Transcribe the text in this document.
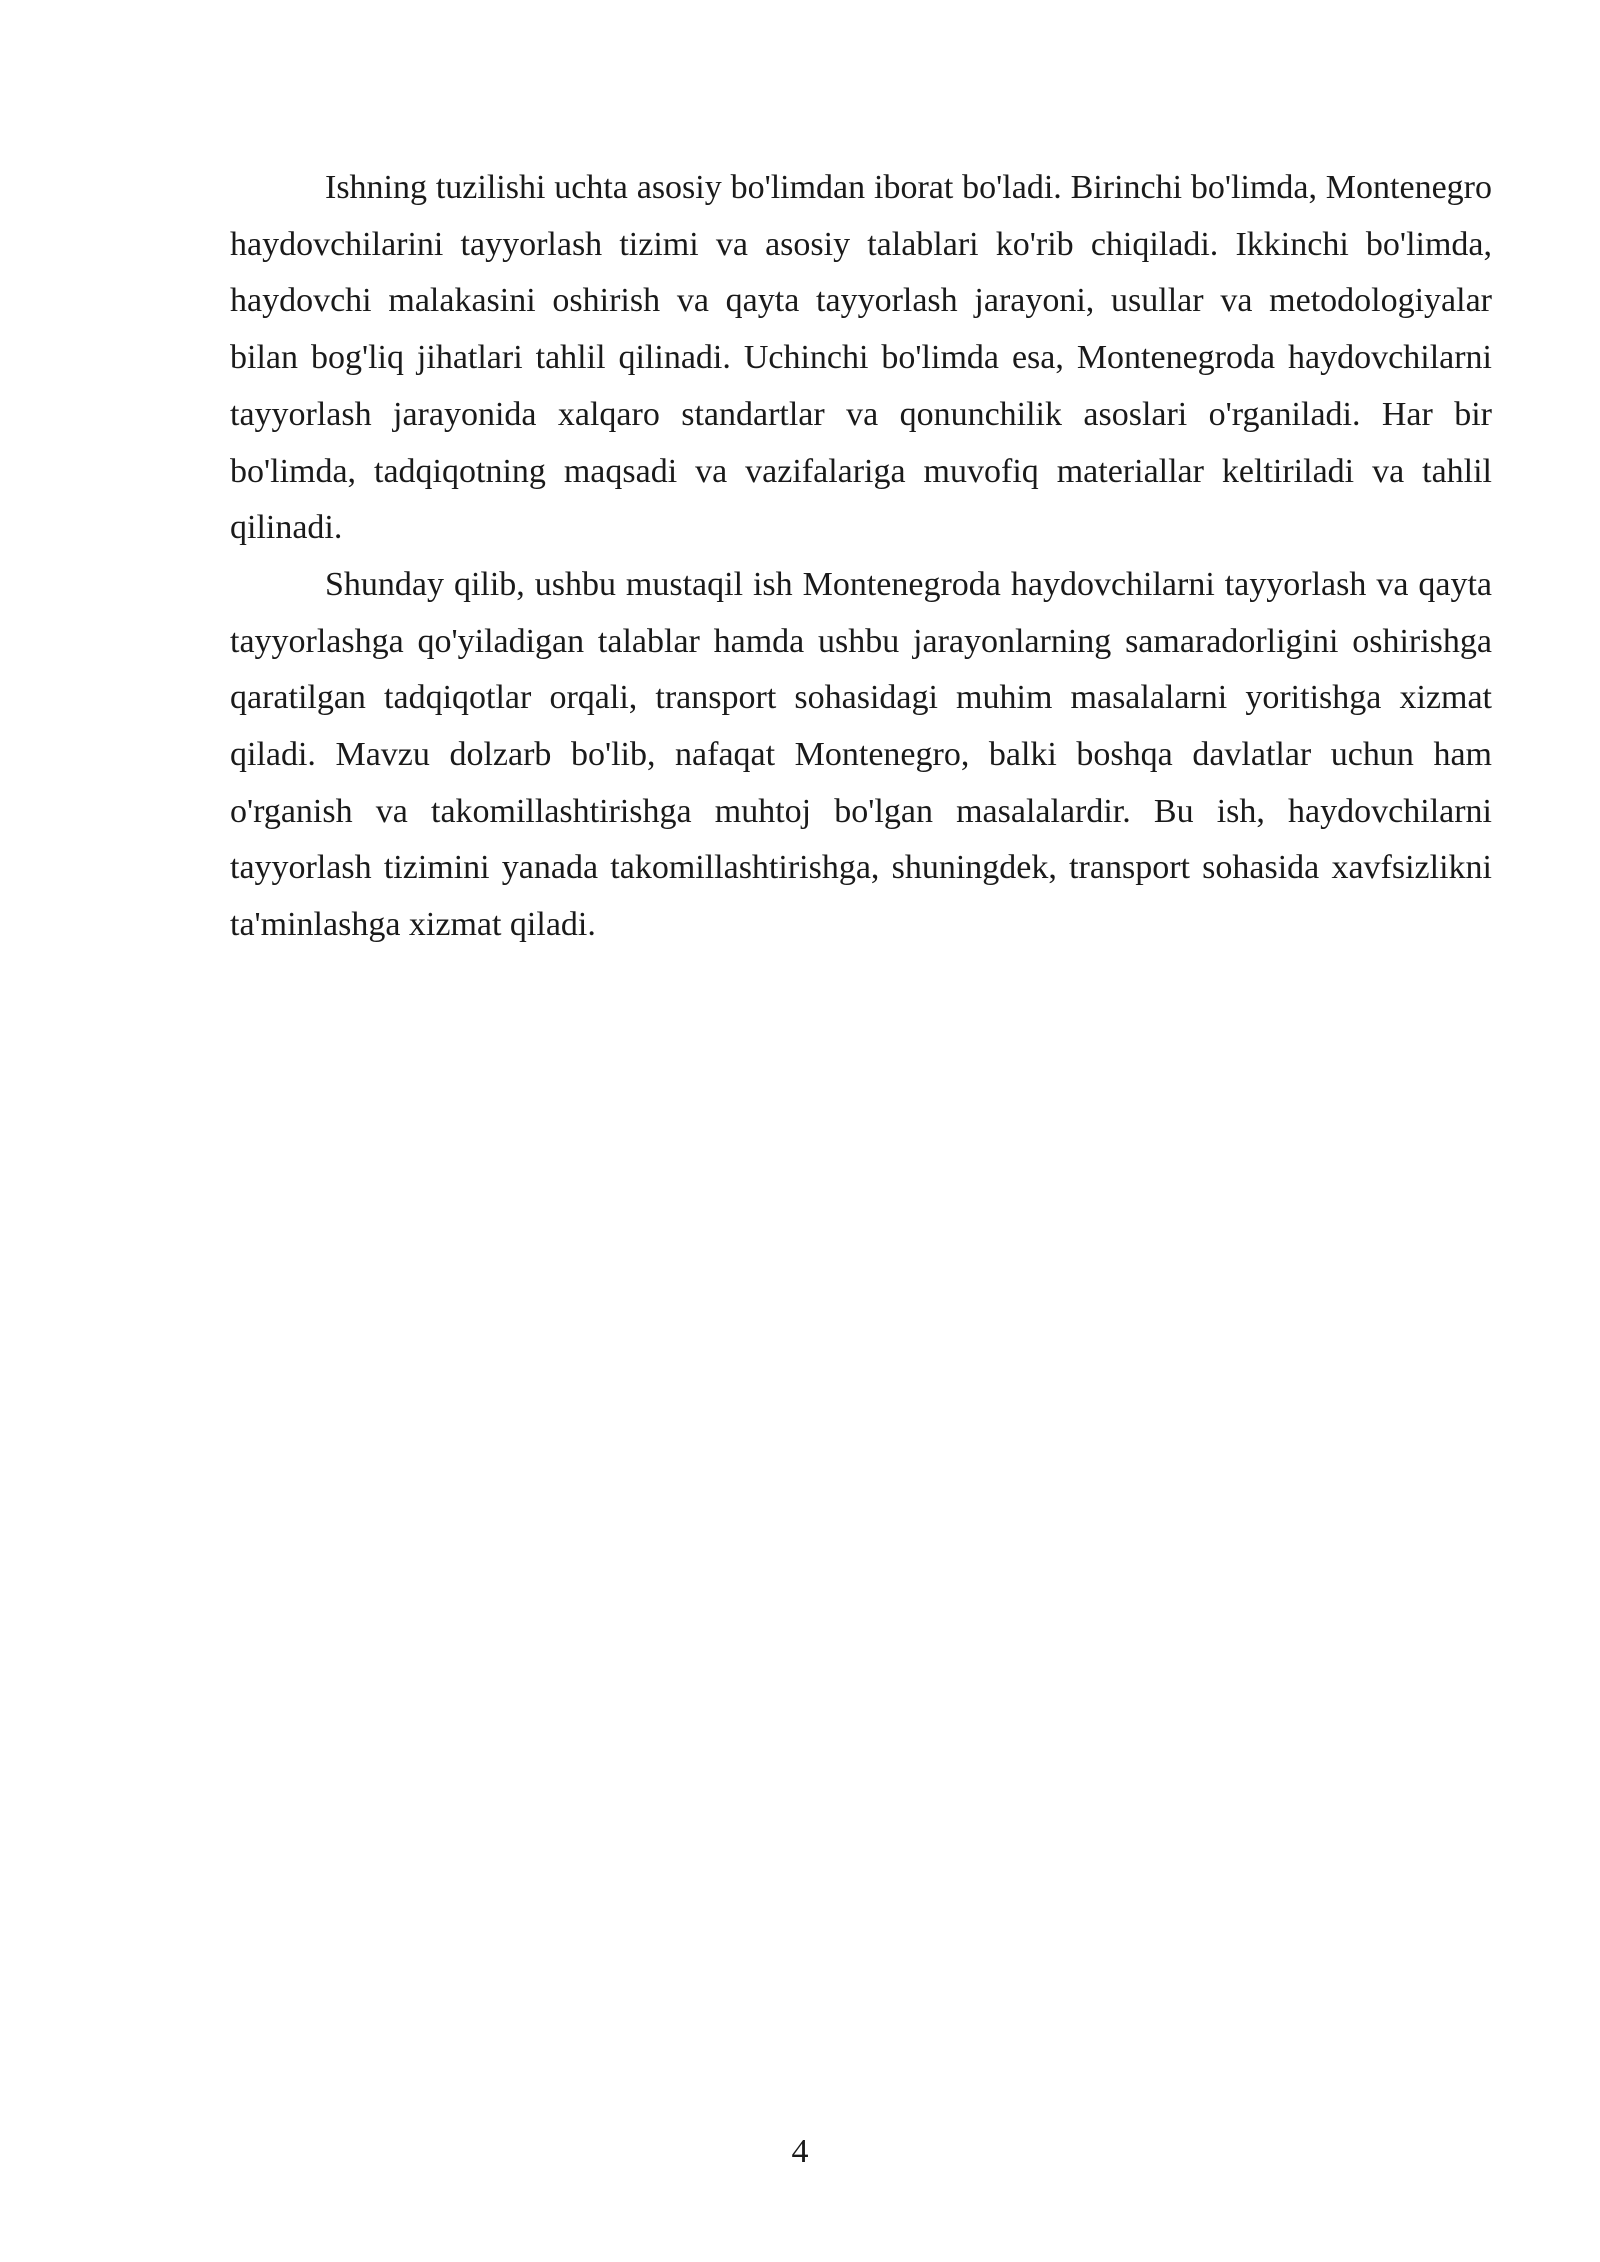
Ishning tuzilishi uchta asosiy bo'limdan iborat bo'ladi. Birinchi bo'limda, Montenegro haydovchilarini tayyorlash tizimi va asosiy talablari ko'rib chiqiladi. Ikkinchi bo'limda, haydovchi malakasini oshirish va qayta tayyorlash jarayoni, usullar va metodologiyalar bilan bog'liq jihatlari tahlil qilinadi. Uchinchi bo'limda esa, Montenegroda haydovchilarni tayyorlash jarayonida xalqaro standartlar va qonunchilik asoslari o'rganiladi. Har bir bo'limda, tadqiqotning maqsadi va vazifalariga muvofiq materiallar keltiriladi va tahlil qilinadi.

Shunday qilib, ushbu mustaqil ish Montenegroda haydovchilarni tayyorlash va qayta tayyorlashga qo'yiladigan talablar hamda ushbu jarayonlarning samaradorligini oshirishga qaratilgan tadqiqotlar orqali, transport sohasidagi muhim masalalarni yoritishga xizmat qiladi. Mavzu dolzarb bo'lib, nafaqat Montenegro, balki boshqa davlatlar uchun ham o'rganish va takomillashtirishga muhtoj bo'lgan masalalardir. Bu ish, haydovchilarni tayyorlash tizimini yanada takomillashtirishga, shuningdek, transport sohasida xavfsizlikni ta'minlashga xizmat qiladi.

4
